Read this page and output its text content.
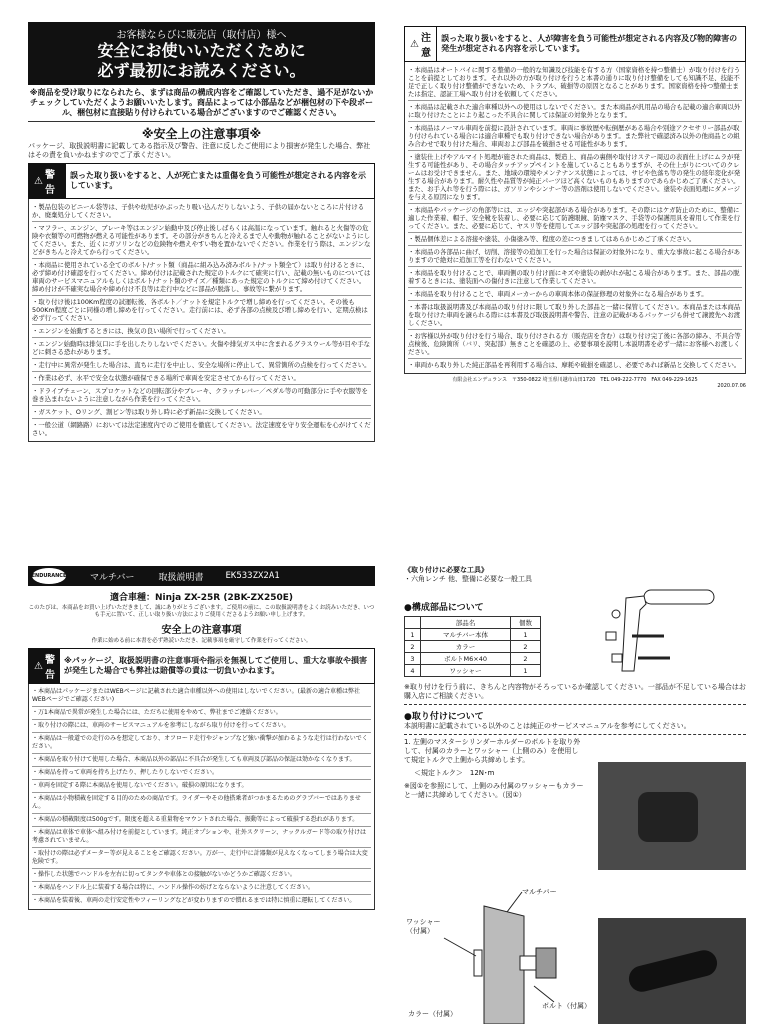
お客様ならびに販売店（取付店）様へ
安全にお使いいただくために
必ず最初にお読みください。
※商品を受け取りになられたら、まずは商品の構成内容をご確認していただき、過不足がないかチェックしていただくようお願いいたします。商品によっては小部品などが梱包材の下や段ボール、梱包材に直接貼り付けられている場合がございますのでご確認ください。
※安全上の注意事項※
パッケージ、取扱説明書に記載してある指示及び警告、注意に反したご使用により損害が発生した場合、弊社はその責を負いかねますのでご了承ください。
⚠ 警告
誤った取り扱いをすると、人が死亡または重傷を負う可能性が想定される内容を示しています。
・製品包装のビニール袋等は、子供や幼児がかぶったり吸い込んだりしないよう、子供の届かないところに片付けるか、廃棄処分してください。
・マフラー、エンジン、ブレーキ等はエンジン始動中及び停止後しばらくは高温になっています。触れると火傷等の危険や衣類等の可燃物が燃える可能性があります。その部分がきちんと冷えるまで人や動物が触れることがないようにしてください。また、近くにガソリンなどの危険物や燃えやすい物を置かないでください。作業を行う際は、エンジンなどがきちんと冷えてから行ってください。
・本商品に使用されている全てのボルト/ナット類（商品に組み込み済みボルト/ナット類全て）は取り付けるときに、必ず締め付け確認を行ってください。締め付けは記載された規定のトルクにて確実に行い、記載の無いものについては車両のサービスマニュアルもしくはボルト/ナット類のサイズ／種類にあった規定のトルクにて締め付けてください。締め付けが不確実な場合や締め付け不良等は走行中などに部品が脱落し、事故等に繋がります。
・取り付け後は100Km程度の試運転後、各ボルト／ナットを規定トルクで増し締めを行ってください。その後も500Km程度ごとに同様の増し締めを行ってください。走行前には、必ず各部の点検及び増し締めを行い、定期点検は必ず行ってください。
・エンジンを始動するときには、換気の良い場所で行ってください。
・エンジン始動時は排気口に手を出したりしないでください。火傷や排気ガス中に含まれるグラスウール等が目や手などに刺さる恐れがあります。
・走行中に異常が発生した場合は、直ちに走行を中止し、安全な場所に停止して、異常箇所の点検を行ってください。
・作業は必ず、水平で安全な状態が確保できる場所で車両を安定させてから行ってください。
・ドライブチェーン、スプロケットなどの回転部分やブレーキ、クラッチレバー／ペダル等の可動部分に手や衣服等を巻き込まれないように注意しながら作業を行ってください。
・ガスケット、Oリング、割ピン等は取り外し時に必ず新品に交換してください。
・一般公道（網路路）においては法定速度内でのご使用を徹底してください。法定速度を守り安全運転を心がけてください。
⚠ 注意
誤った取り扱いをすると、人が障害を負う可能性が想定される内容及び物的障害の発生が想定される内容を示しています。
・本商品はオートバイに関する整備の一般的な知識及び技能を有する方（国家資格を持つ整備士）が取り付けを行うことを前提としております。それ以外の方が取り付けを行うと本書の通りに取り付け整備をしても知識不足、技能不足で正しく取り付け整備ができないため、トラブル、破損等の原因となることがあります。国家資格を持つ整備士または指定、認証工場へ取り付けを依頼してください。
・本商品は記載された適合車種以外への使用はしないでください。また本商品が汎用品の場合も記載の適合車両以外に取り付けたことにより起こった不具合に関しては保証の対象外となります。
・本商品はノーマル車両を前提に設計されています。車両に事故歴や転倒歴がある場合や別途アクセサリー部品が取り付けられている場合には適合車種でも取り付けできない場合があります。また弊社で確認済み以外の他商品との組み合わせで取り付けた場合、車両および部品を破損させる可能性があります。
・塗装仕上げやアルマイト処理が施された商品は、製造上、商品の裏側や取付けステー周辺の表面仕上げにムラが発生する可能性があり、その場合タッチアップペイントを施していることもありますが、その仕上がりについてのクレームはお受けできません。また、地域の環境やメンテナンス状態によっては、サビや色落ち等の発生の経年変化が発生する場合があります。耐久性や品質等が純正パーツほど高くないものもありますのであらかじめご了承ください。また、お手入れ等を行う際には、ガソリンやシンナー等の溶剤は使用しないでください。塗装や表面処理にダメージを与える原因になります。
・本商品やパッケージの角部等には、エッジや突起部がある場合があります。その際にはケガ防止のために、整備に適した作業着、帽子、安全靴を装着し、必要に応じて防護眼鏡、防塵マスク、手袋等の保護用具を着用して作業を行ってください。また、必要に応じて、ヤスリ等を使用してエッジ部や突起部の処理を行ってください。
・製品個体差による溶接や塗装、小傷塗み等、程度の差につきましてはあらかじめご了承ください。
・本商品の各部品に曲げ、切削、溶接等の追加工を行った場合は保証の対象外になり、重大な事故に起こる場合がありますので絶対に追加工等を行わないでください。
・本商品を取り付けることで、車両側の取り付け面にキズや塗装の剥がれが起こる場合があります。また、部品の脱着するときには、塗装面への傷付きに注意して作業してください。
・本商品を取り付けることで、車両メーカーからの車両本体の保証修理の対象外になる場合があります。
・本書は取扱説明書及び本商品の取り付けに限して取り外した部品と一緒に保管してください。本商品または本商品を取り付けた車両を譲られる際には本書及び取扱説明書や警告、注意の記載があるパッケージも併せて譲渡先へお渡しください。
・お客様以外が取り付けを行う場合、取り付けされる方（販売店を含む）は取り付け完了後に各部の締み、不具合等点検後、危険箇所（バリ、突起部）無きことを確認の上、必要事項を説明し本説明書を必ず一緒にお客様へお渡しください。
・車両から取り外した純正部品を再利用する場合は、摩耗や破損を確認し、必要であれば新品と交換してください。
有限会社エンデュランス　〒350-0822 埼玉県川越市山田1720　TEL 049-222-7770　FAX 049-229-1625
2020.07.06
ENDURANCE	マルチバー	取扱説明書 EK533ZX2A1
適合車種：Ninja ZX-25R (2BK-ZX250E)
このたびは、本商品をお買い上げいただきまして、誠にありがとうございます。ご使用の前に、この取扱説明書をよくお読みいただき、いつも手元に置いて、正しい取り扱い方法によりご使用くださるようお願い申し上げます。
安全上の注意事項
作業に始める前に本書を必ず熟読いただき、記載事項を厳守して作業を行ってください。
⚠ 警告
※パッケージ、取扱説明書の注意事項や指示を無視してご使用し、重大な事故や損害が発生した場合でも弊社は賠償等の責は一切負いかねます。
・本商品はパッケージまたはWEBページに記載された適合車種以外への使用はしないでください。(最新の適合車種は弊社WEBページでご確認ください)
・万1本商品で異常が発生した場合には、ただちに使用をやめて、弊社までご連絡ください。
・取り付けの際には、車両のサービスマニュアルを参考にしながら取り付けを行ってください。
・本商品は一般道での走行のみを想定しており、オフロード走行やジャンプなど強い衝撃が加わるような走行は行わないでください。
・本商品を取り付けて使用した場合、本商品以外の部品に不具合が発生しても車両及び部品の保証は効かなくなります。
・本商品を持って車両を持ち上げたり、押したりしないでください。
・車両を固定する際に本商品を使用しないでください。破損の原因になります。
・本商品は小物積載を固定する目的のための商品です。ライダーやその他搭乗者がつかまるためのグラブバーではありません。
・本商品の積載限度は500gです。限度を超える重量物をマウントされた場合、振動等によって破損する恐れがあります。
・本商品は車体で車体へ組み付けを前提としています。純正オプションや、社外スクリーン、ナックルガード等の取り付けは考慮されていません。
・取付けの際は必ずメーター等が見えることをご確認ください。万が一、走行中に計器類が見えなくなってしまう場合は大変危険です。
・操作した状態でハンドルを左右に切ってタンクや車体との接触がないかどうかご確認ください。
・本商品をハンドル上に装着する場合は特に、ハンドル操作の妨げとならないように注意してください。
・本商品を装着後、車両の走行安定性やフィーリングなどが変わりますので慣れるまでは特に慎重に運転してください。
《取り付けに必要な工具》
・六角レンチ 他、整備に必要な一般工具
●構成部品について
	部品名	個数
1	マルチバー本体	1
2	カラー	2
3	ボルトM6×40	2
4	ワッシャー	1
※取り付けを行う前に、きちんと内容物がそろっているか確認してください。一部品が不足している場合はお購入店にご相談ください。
●取り付けについて
本説明書に記載されている以外のことは純正のサービスマニュアルを参考にしてください。
1. 左側のマスターシリンダーホルダーのボルトを取り外して、付属のカラーとワッシャー（上側のみ）を使用して規定トルクで上側から共締めします。
＜規定トルク＞　12N･m
※図①を参照にして、上側のみ付属のワッシャーもカラーと一緒に共締めしてください。（図①）
マルチバー
ワッシャー（付属）
ボルト（付属）
カラー（付属）
